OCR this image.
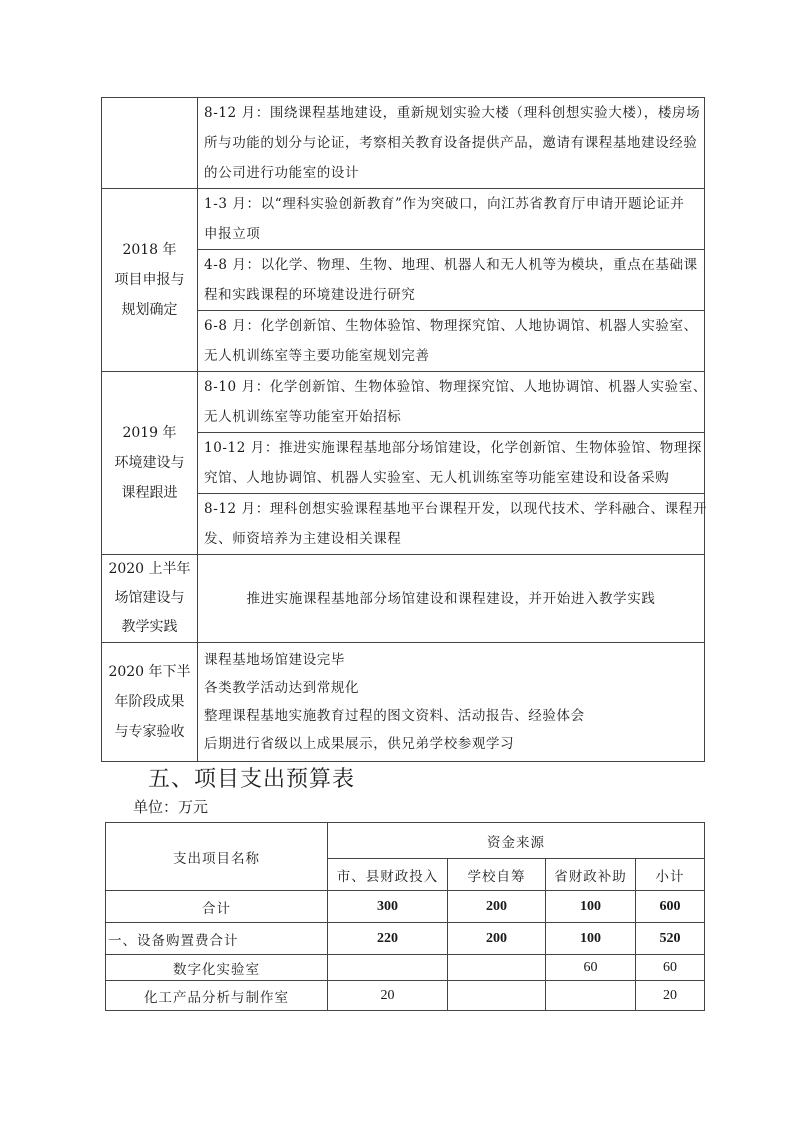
	8-12 月：围绕课程基地建设，重新规划实验大楼（理科创想实验大楼），楼房场
所与功能的划分与论证，考察相关教育设备提供产品，邀请有课程基地建设经验
的公司进行功能室的设计

2018 年
项目申报与
规划确定	1-3 月：以“理科实验创新教育”作为突破口，向江苏省教育厅申请开题论证并
申报立项

	4-8 月：以化学、物理、生物、地理、机器人和无人机等为模块，重点在基础课
程和实践课程的环境建设进行研究

	6-8 月：化学创新馆、生物体验馆、物理探究馆、人地协调馆、机器人实验室、
无人机训练室等主要功能室规划完善

2019 年
环境建设与
课程跟进	8-10 月：化学创新馆、生物体验馆、物理探究馆、人地协调馆、机器人实验室、
无人机训练室等功能室开始招标

	10-12 月：推进实施课程基地部分场馆建设，化学创新馆、生物体验馆、物理探
究馆、人地协调馆、机器人实验室、无人机训练室等功能室建设和设备采购

	8-12 月：理科创想实验课程基地平台课程开发，以现代技术、学科融合、课程开
发、师资培养为主建设相关课程

2020 上半年
场馆建设与
教学实践	推进实施课程基地部分场馆建设和课程建设，并开始进入教学实践

2020 年下半
年阶段成果
与专家验收	课程基地场馆建设完毕
各类教学活动达到常规化
整理课程基地实施教育过程的图文资料、活动报告、经验体会
后期进行省级以上成果展示，供兄弟学校参观学习
五、项目支出预算表
单位：万元
支出项目名称	资金来源			
	市、县财政投入	学校自筹	省财政补助	小计
合计	300	200	100	600
一、设备购置费合计	220	200	100	520
数字化实验室			60	60
化工产品分析与制作室	20			20
